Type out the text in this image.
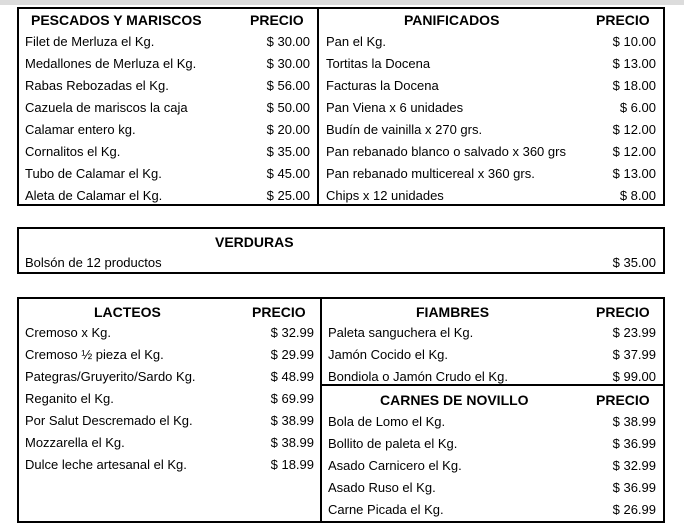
PESCADOS Y MARISCOS	PRECIO
Filet de Merluza el Kg.	$ 30.00
Medallones de Merluza el Kg.	$ 30.00
Rabas Rebozadas el Kg.	$ 56.00
Cazuela de mariscos la caja	$ 50.00
Calamar entero kg.	$ 20.00
Cornalitos el Kg.	$ 35.00
Tubo de Calamar el Kg.	$ 45.00
Aleta de Calamar el Kg.	$ 25.00
PANIFICADOS	PRECIO
Pan el Kg.	$ 10.00
Tortitas la Docena	$ 13.00
Facturas la Docena	$ 18.00
Pan Viena x 6 unidades	$ 6.00
Budín de vainilla x 270 grs.	$ 12.00
Pan rebanado blanco o salvado x 360 grs	$ 12.00
Pan rebanado multicereal x 360 grs.	$ 13.00
Chips x 12 unidades	$ 8.00
VERDURAS
Bolsón de 12 productos	$ 35.00
LACTEOS	PRECIO
Cremoso x Kg.	$ 32.99
Cremoso ½ pieza el Kg.	$ 29.99
Pategras/Gruyerito/Sardo Kg.	$ 48.99
Reganito el Kg.	$ 69.99
Por Salut Descremado el Kg.	$ 38.99
Mozzarella el Kg.	$ 38.99
Dulce leche artesanal el Kg.	$ 18.99
FIAMBRES	PRECIO
Paleta sanguchera el Kg.	$ 23.99
Jamón Cocido el Kg.	$ 37.99
Bondiola o Jamón Crudo el Kg.	$ 99.00
CARNES DE NOVILLO	PRECIO
Bola de Lomo el Kg.	$ 38.99
Bollito de paleta el Kg.	$ 36.99
Asado Carnicero el Kg.	$ 32.99
Asado Ruso el Kg.	$ 36.99
Carne Picada el Kg.	$ 26.99
